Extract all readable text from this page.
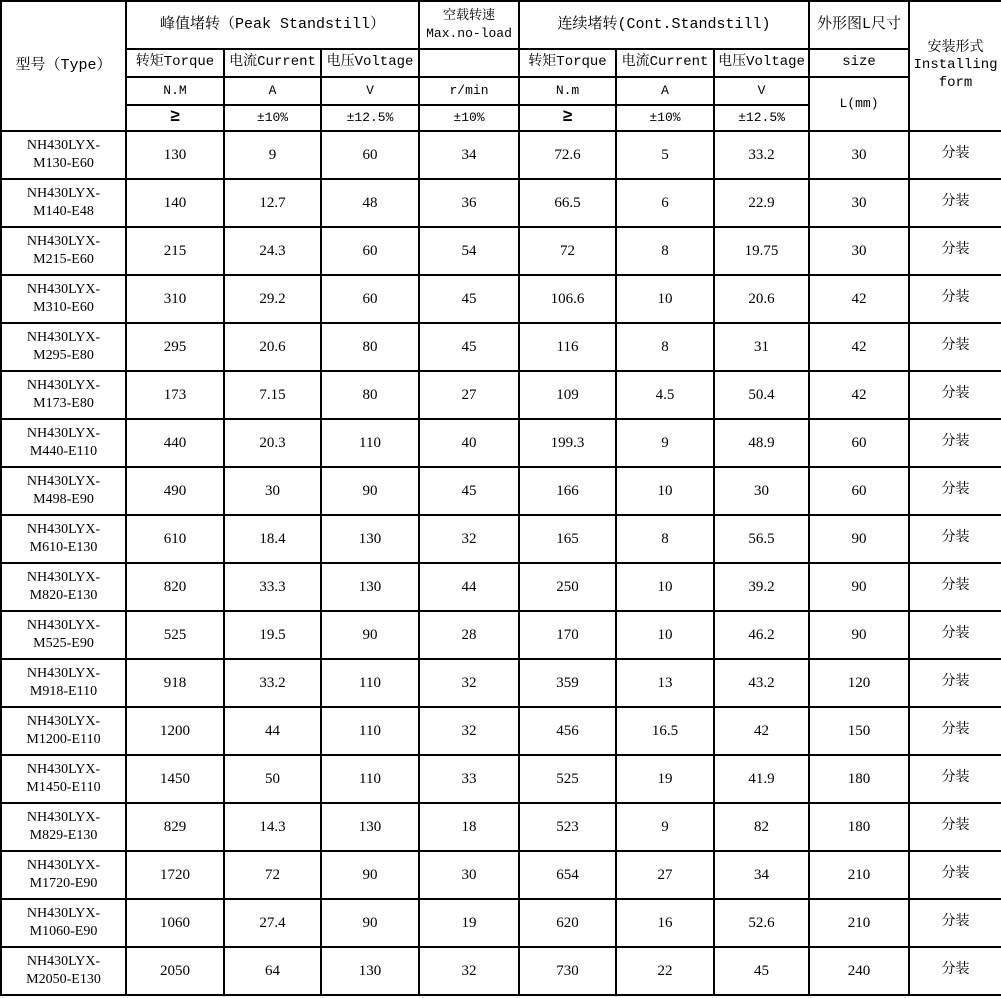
型号（Type）	峰值堵转（Peak Standstill）	空载转速
Max.no-load
	连续堵转(Cont.Standstill)	外形图L尺寸	
安装形式
Installing
form

	转矩Torque	电流Current	电压Voltage		转矩Torque	电流Current	电压Voltage	size	
	N.M	A	V	r/min	N.m	A	V	L(mm)	
	≥	±10%	±12.5%	±10%	≥	±10%	±12.5%		
NH430LYX-
M130-E60	130	9	60	34	72.6	5	33.2	30	分装
NH430LYX-
M140-E48	140	12.7	48	36	66.5	6	22.9	30	分装
NH430LYX-
M215-E60	215	24.3	60	54	72	8	19.75	30	分装
NH430LYX-
M310-E60	310	29.2	60	45	106.6	10	20.6	42	分装
NH430LYX-
M295-E80	295	20.6	80	45	116	8	31	42	分装
NH430LYX-
M173-E80	173	7.15	80	27	109	4.5	50.4	42	分装
NH430LYX-
M440-E110	440	20.3	110	40	199.3	9	48.9	60	分装
NH430LYX-
M498-E90	490	30	90	45	166	10	30	60	分装
NH430LYX-
M610-E130	610	18.4	130	32	165	8	56.5	90	分装
NH430LYX-
M820-E130	820	33.3	130	44	250	10	39.2	90	分装
NH430LYX-
M525-E90	525	19.5	90	28	170	10	46.2	90	分装
NH430LYX-
M918-E110	918	33.2	110	32	359	13	43.2	120	分装
NH430LYX-
M1200-E110	1200	44	110	32	456	16.5	42	150	分装
NH430LYX-
M1450-E110	1450	50	110	33	525	19	41.9	180	分装
NH430LYX-
M829-E130	829	14.3	130	18	523	9	82	180	分装
NH430LYX-
M1720-E90	1720	72	90	30	654	27	34	210	分装
NH430LYX-
M1060-E90	1060	27.4	90	19	620	16	52.6	210	分装
NH430LYX-
M2050-E130	2050	64	130	32	730	22	45	240	分装
